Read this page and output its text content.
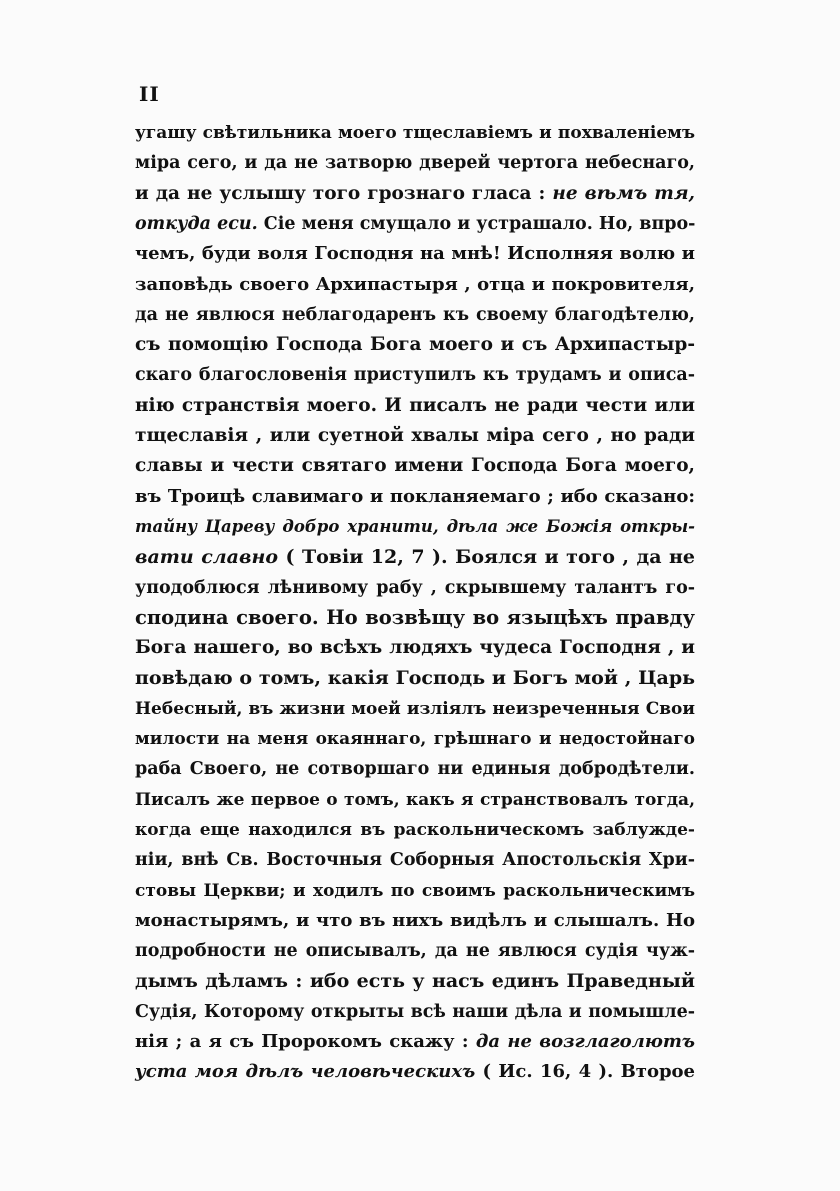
II
угашу свѣтильника моего тщеславіемъ и похваленіемъ
міра сего, и да не затворю дверей чертога небеснаго,
и да не услышу того грознаго гласа : не вѣмъ тя,
откуда еси. Сіе меня смущало и устрашало. Но, впро-
чемъ, буди воля Господня на мнѣ! Исполняя волю и
заповѣдь своего Архипастыря , отца и покровителя,
да не явлюся неблагодаренъ къ своему благодѣтелю,
съ помощію Господа Бога моего и съ Архипастыр-
скаго благословенія приступилъ къ трудамъ и описа-
нію странствія моего. И писалъ не ради чести или
тщеславія , или суетной хвалы міра сего , но ради
славы и чести святаго имени Господа Бога моего,
въ Троицѣ славимаго и покланяемаго ; ибо сказано:
тайну Цареву добро хранити, дѣла же Божія откры-
вати славно ( Товіи 12, 7 ). Боялся и того , да не
уподоблюся лѣнивому рабу , скрывшему талантъ го-
сподина своего. Но возвѣщу во языцѣхъ правду
Бога нашего, во всѣхъ людяхъ чудеса Господня , и
повѣдаю о томъ, какія Господь и Богъ мой , Царь
Небесный, въ жизни моей излiялъ неизреченныя Свои
милости на меня окаяннаго, грѣшнаго и недостойнаго
раба Своего, не сотворшаго ни единыя добродѣтели.
Писалъ же первое о томъ, какъ я странствовалъ тогда,
когда еще находился въ раскольническомъ заблужде-
нiи, внѣ Св. Восточныя Соборныя Апостольскія Хри-
стовы Церкви; и ходилъ по своимъ раскольническимъ
монастырямъ, и что въ нихъ видѣлъ и слышалъ. Но
подробности не описывалъ, да не явлюся судія чуж-
дымъ дѣламъ : ибо есть у насъ единъ Праведный
Судія, Которому открыты всѣ наши дѣла и помышле-
нія ; а я съ Пророкомъ скажу : да не возглаголютъ
уста моя дѣлъ человѣческихъ ( Ис. 16, 4 ). Второе
